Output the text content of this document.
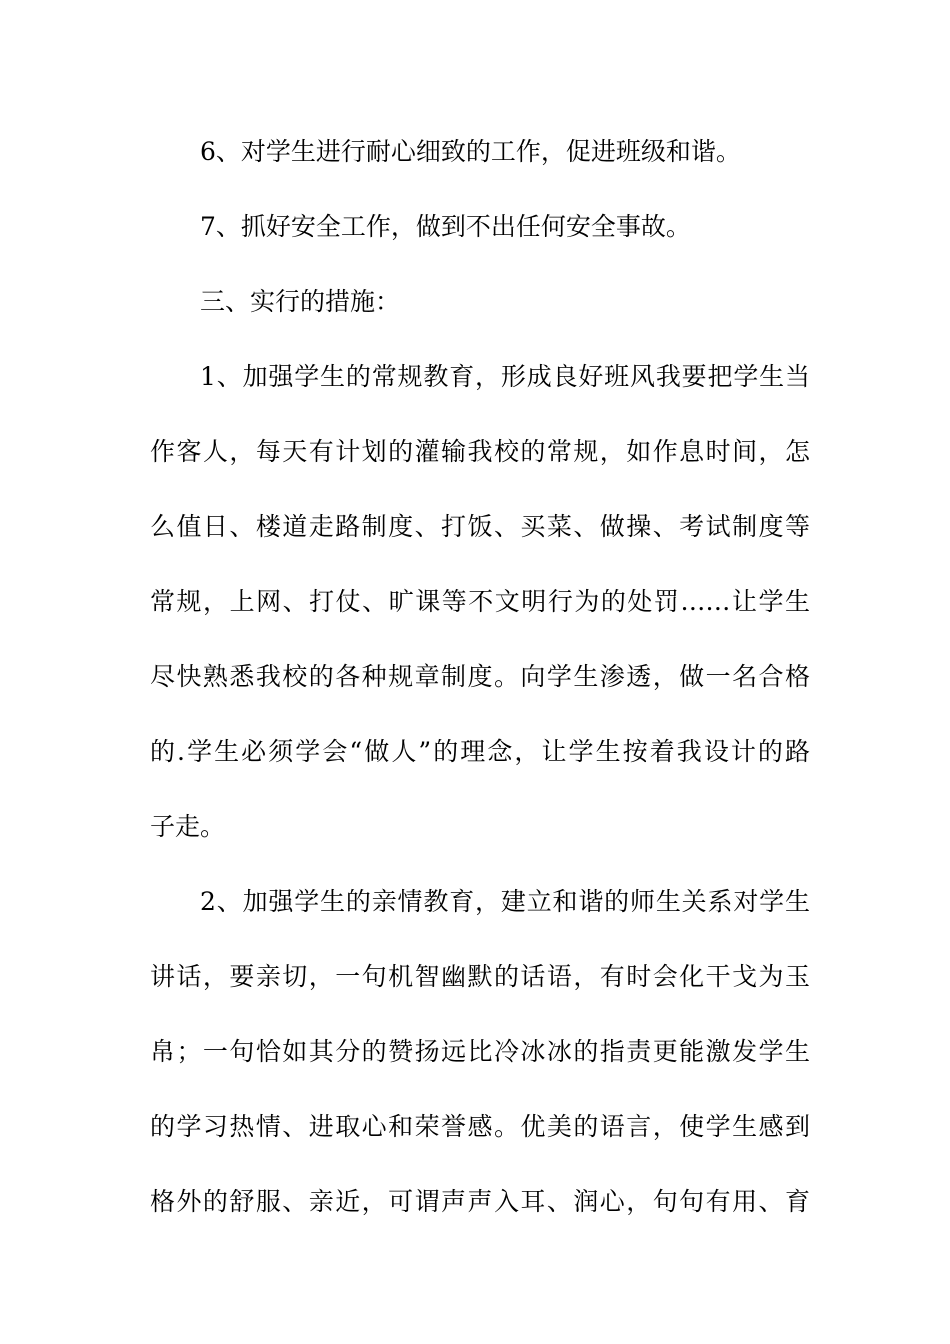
6、对学生进行耐心细致的工作，促进班级和谐。
7、抓好安全工作，做到不出任何安全事故。
三、实行的措施：
1、加强学生的常规教育，形成良好班风我要把学生当
作客人，每天有计划的灌输我校的常规，如作息时间，怎
么值日、楼道走路制度、打饭、买菜、做操、考试制度等
常规，上网、打仗、旷课等不文明行为的处罚……让学生
尽快熟悉我校的各种规章制度。向学生渗透，做一名合格
的.学生必须学会“做人”的理念，让学生按着我设计的路
子走。
2、加强学生的亲情教育，建立和谐的师生关系对学生
讲话，要亲切，一句机智幽默的话语，有时会化干戈为玉
帛；一句恰如其分的赞扬远比冷冰冰的指责更能激发学生
的学习热情、进取心和荣誉感。优美的语言，使学生感到
格外的舒服、亲近，可谓声声入耳、润心，句句有用、育
